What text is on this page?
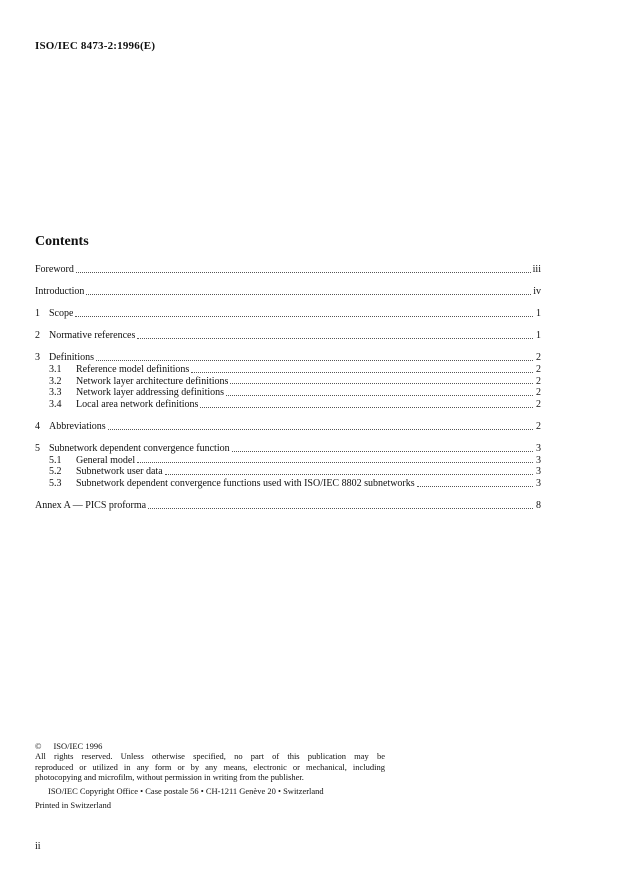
ISO/IEC 8473-2:1996(E)
Contents
Foreword	iii
Introduction	iv
1 Scope	1
2 Normative references	1
3 Definitions	2
3.1	Reference model definitions	2
3.2	Network layer architecture definitions	2
3.3	Network layer addressing definitions	2
3.4	Local area network definitions	2
4 Abbreviations	2
5 Subnetwork dependent convergence function	3
5.1	General model	3
5.2	Subnetwork user data	3
5.3	Subnetwork dependent convergence functions used with ISO/IEC 8802 subnetworks	3
Annex A — PICS proforma	8
© ISO/IEC 1996
All rights reserved. Unless otherwise specified, no part of this publication may be
reproduced or utilized in any form or by any means, electronic or mechanical, including
photocopying and microfilm, without permission in writing from the publisher.
ISO/IEC Copyright Office • Case postale 56 • CH-1211 Genève 20 • Switzerland
Printed in Switzerland
ii
